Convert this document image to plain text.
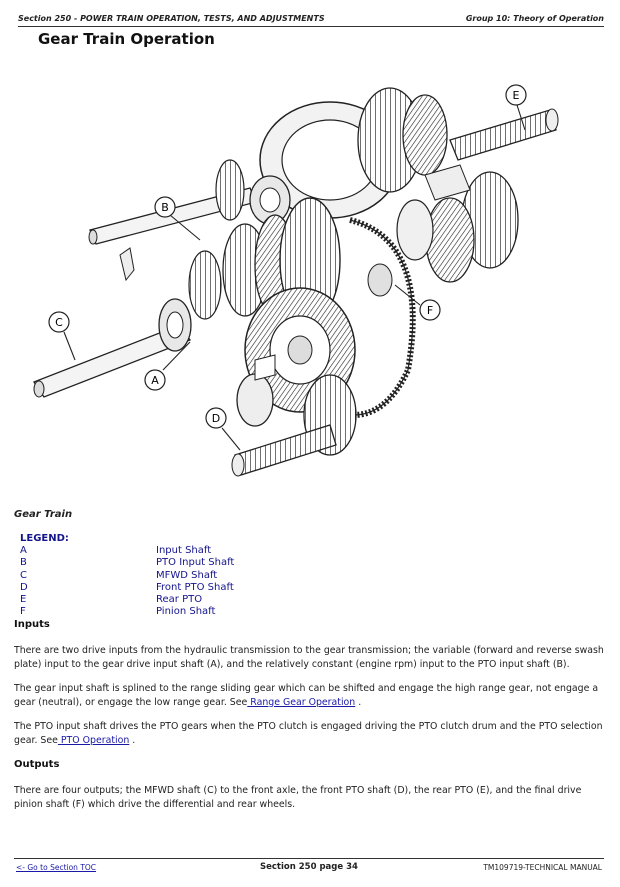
Section 250 - POWER TRAIN OPERATION, TESTS, AND ADJUSTMENTS	Group 10: Theory of Operation
Gear Train Operation
A
B
C
D
E
F
Gear Train
LEGEND:
A	Input Shaft
B	PTO Input Shaft
C	MFWD Shaft
D	Front PTO Shaft
E	Rear PTO
F	Pinion Shaft
Inputs
There are two drive inputs from the hydraulic transmission to the gear transmission; the variable (forward and reverse swash plate) input to the gear drive input shaft (A), and the relatively constant (engine rpm) input to the PTO input shaft (B).
The gear input shaft is splined to the range sliding gear which can be shifted and engage the high range gear, not engage a gear (neutral), or engage the low range gear. See Range Gear Operation .
The PTO input shaft drives the PTO gears when the PTO clutch is engaged driving the PTO clutch drum and the PTO selection gear. See PTO Operation .
Outputs
There are four outputs; the MFWD shaft (C) to the front axle, the front PTO shaft (D), the rear PTO (E), and the final drive pinion shaft (F) which drive the differential and rear wheels.
<- Go to Section TOC	Section 250 page 34	TM109719-TECHNICAL MANUAL
